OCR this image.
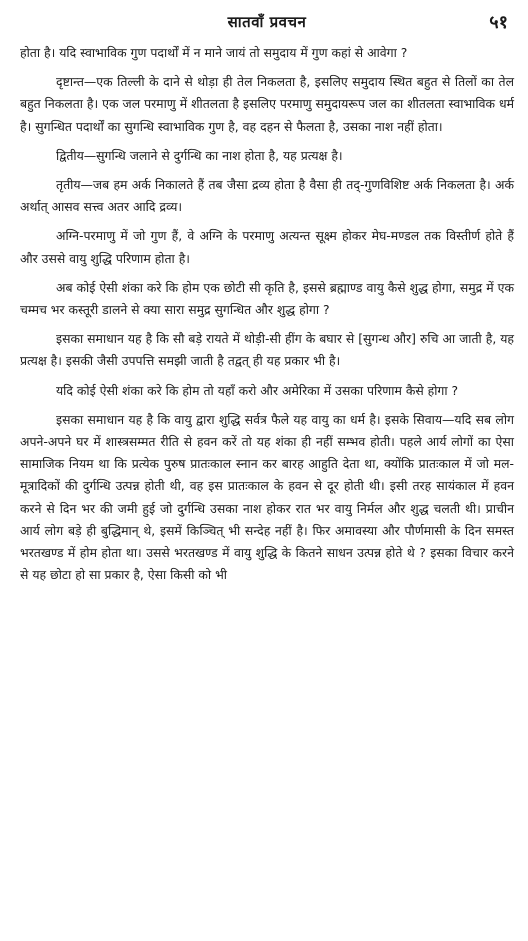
सातवाँ प्रवचन	५१

होता है। यदि स्वाभाविक गुण पदार्थों में न माने जायं तो समुदाय में गुण कहां से आवेगा ?

दृष्टान्त—एक तिल्ली के दाने से थोड़ा ही तेल निकलता है, इसलिए समुदाय स्थित बहुत से तिलों का तेल बहुत निकलता है। एक जल परमाणु में शीतलता है इसलिए परमाणु समुदायरूप जल का शीतलता स्वाभाविक धर्म है। सुगन्धित पदार्थों का सुगन्धि स्वाभाविक गुण है, वह दहन से फैलता है, उसका नाश नहीं होता।

द्वितीय—सुगन्धि जलाने से दुर्गन्धि का नाश होता है, यह प्रत्यक्ष है।

तृतीय—जब हम अर्क निकालते हैं तब जैसा द्रव्य होता है वैसा ही तद्-गुणविशिष्ट अर्क निकलता है। अर्क अर्थात् आसव सत्त्व अतर आदि द्रव्य।

अग्नि-परमाणु में जो गुण हैं, वे अग्नि के परमाणु अत्यन्त सूक्ष्म होकर मेघ-मण्डल तक विस्तीर्ण होते हैं और उससे वायु शुद्धि परिणाम होता है।

अब कोई ऐसी शंका करे कि होम एक छोटी सी कृति है, इससे ब्रह्माण्ड वायु कैसे शुद्ध होगा, समुद्र में एक चम्मच भर कस्तूरी डालने से क्या सारा समुद्र सुगन्धित और शुद्ध होगा ?

इसका समाधान यह है कि सौ बड़े रायते में थोड़ी-सी हींग के बघार से [सुगन्ध और] रुचि आ जाती है, यह प्रत्यक्ष है। इसकी जैसी उपपत्ति समझी जाती है तद्वत् ही यह प्रकार भी है।

यदि कोई ऐसी शंका करे कि होम तो यहाँ करो और अमेरिका में उसका परिणाम कैसे होगा ?

इसका समाधान यह है कि वायु द्वारा शुद्धि सर्वत्र फैले यह वायु का धर्म है। इसके सिवाय—यदि सब लोग अपने-अपने घर में शास्त्रसम्मत रीति से हवन करें तो यह शंका ही नहीं सम्भव होती। पहले आर्य लोगों का ऐसा सामाजिक नियम था कि प्रत्येक पुरुष प्रातःकाल स्नान कर बारह आहुति देता था, क्योंकि प्रातःकाल में जो मल-मूत्रादिकों की दुर्गन्धि उत्पन्न होती थी, वह इस प्रातःकाल के हवन से दूर होती थी। इसी तरह सायंकाल में हवन करने से दिन भर की जमी हुई जो दुर्गन्धि उसका नाश होकर रात भर वायु निर्मल और शुद्ध चलती थी। प्राचीन आर्य लोग बड़े ही बुद्धिमान् थे, इसमें किञ्चित् भी सन्देह नहीं है। फिर अमावस्या और पौर्णमासी के दिन समस्त भरतखण्ड में होम होता था। उससे भरतखण्ड में वायु शुद्धि के कितने साधन उत्पन्न होते थे ? इसका विचार करने से यह छोटा हो सा प्रकार है, ऐसा किसी को भी
